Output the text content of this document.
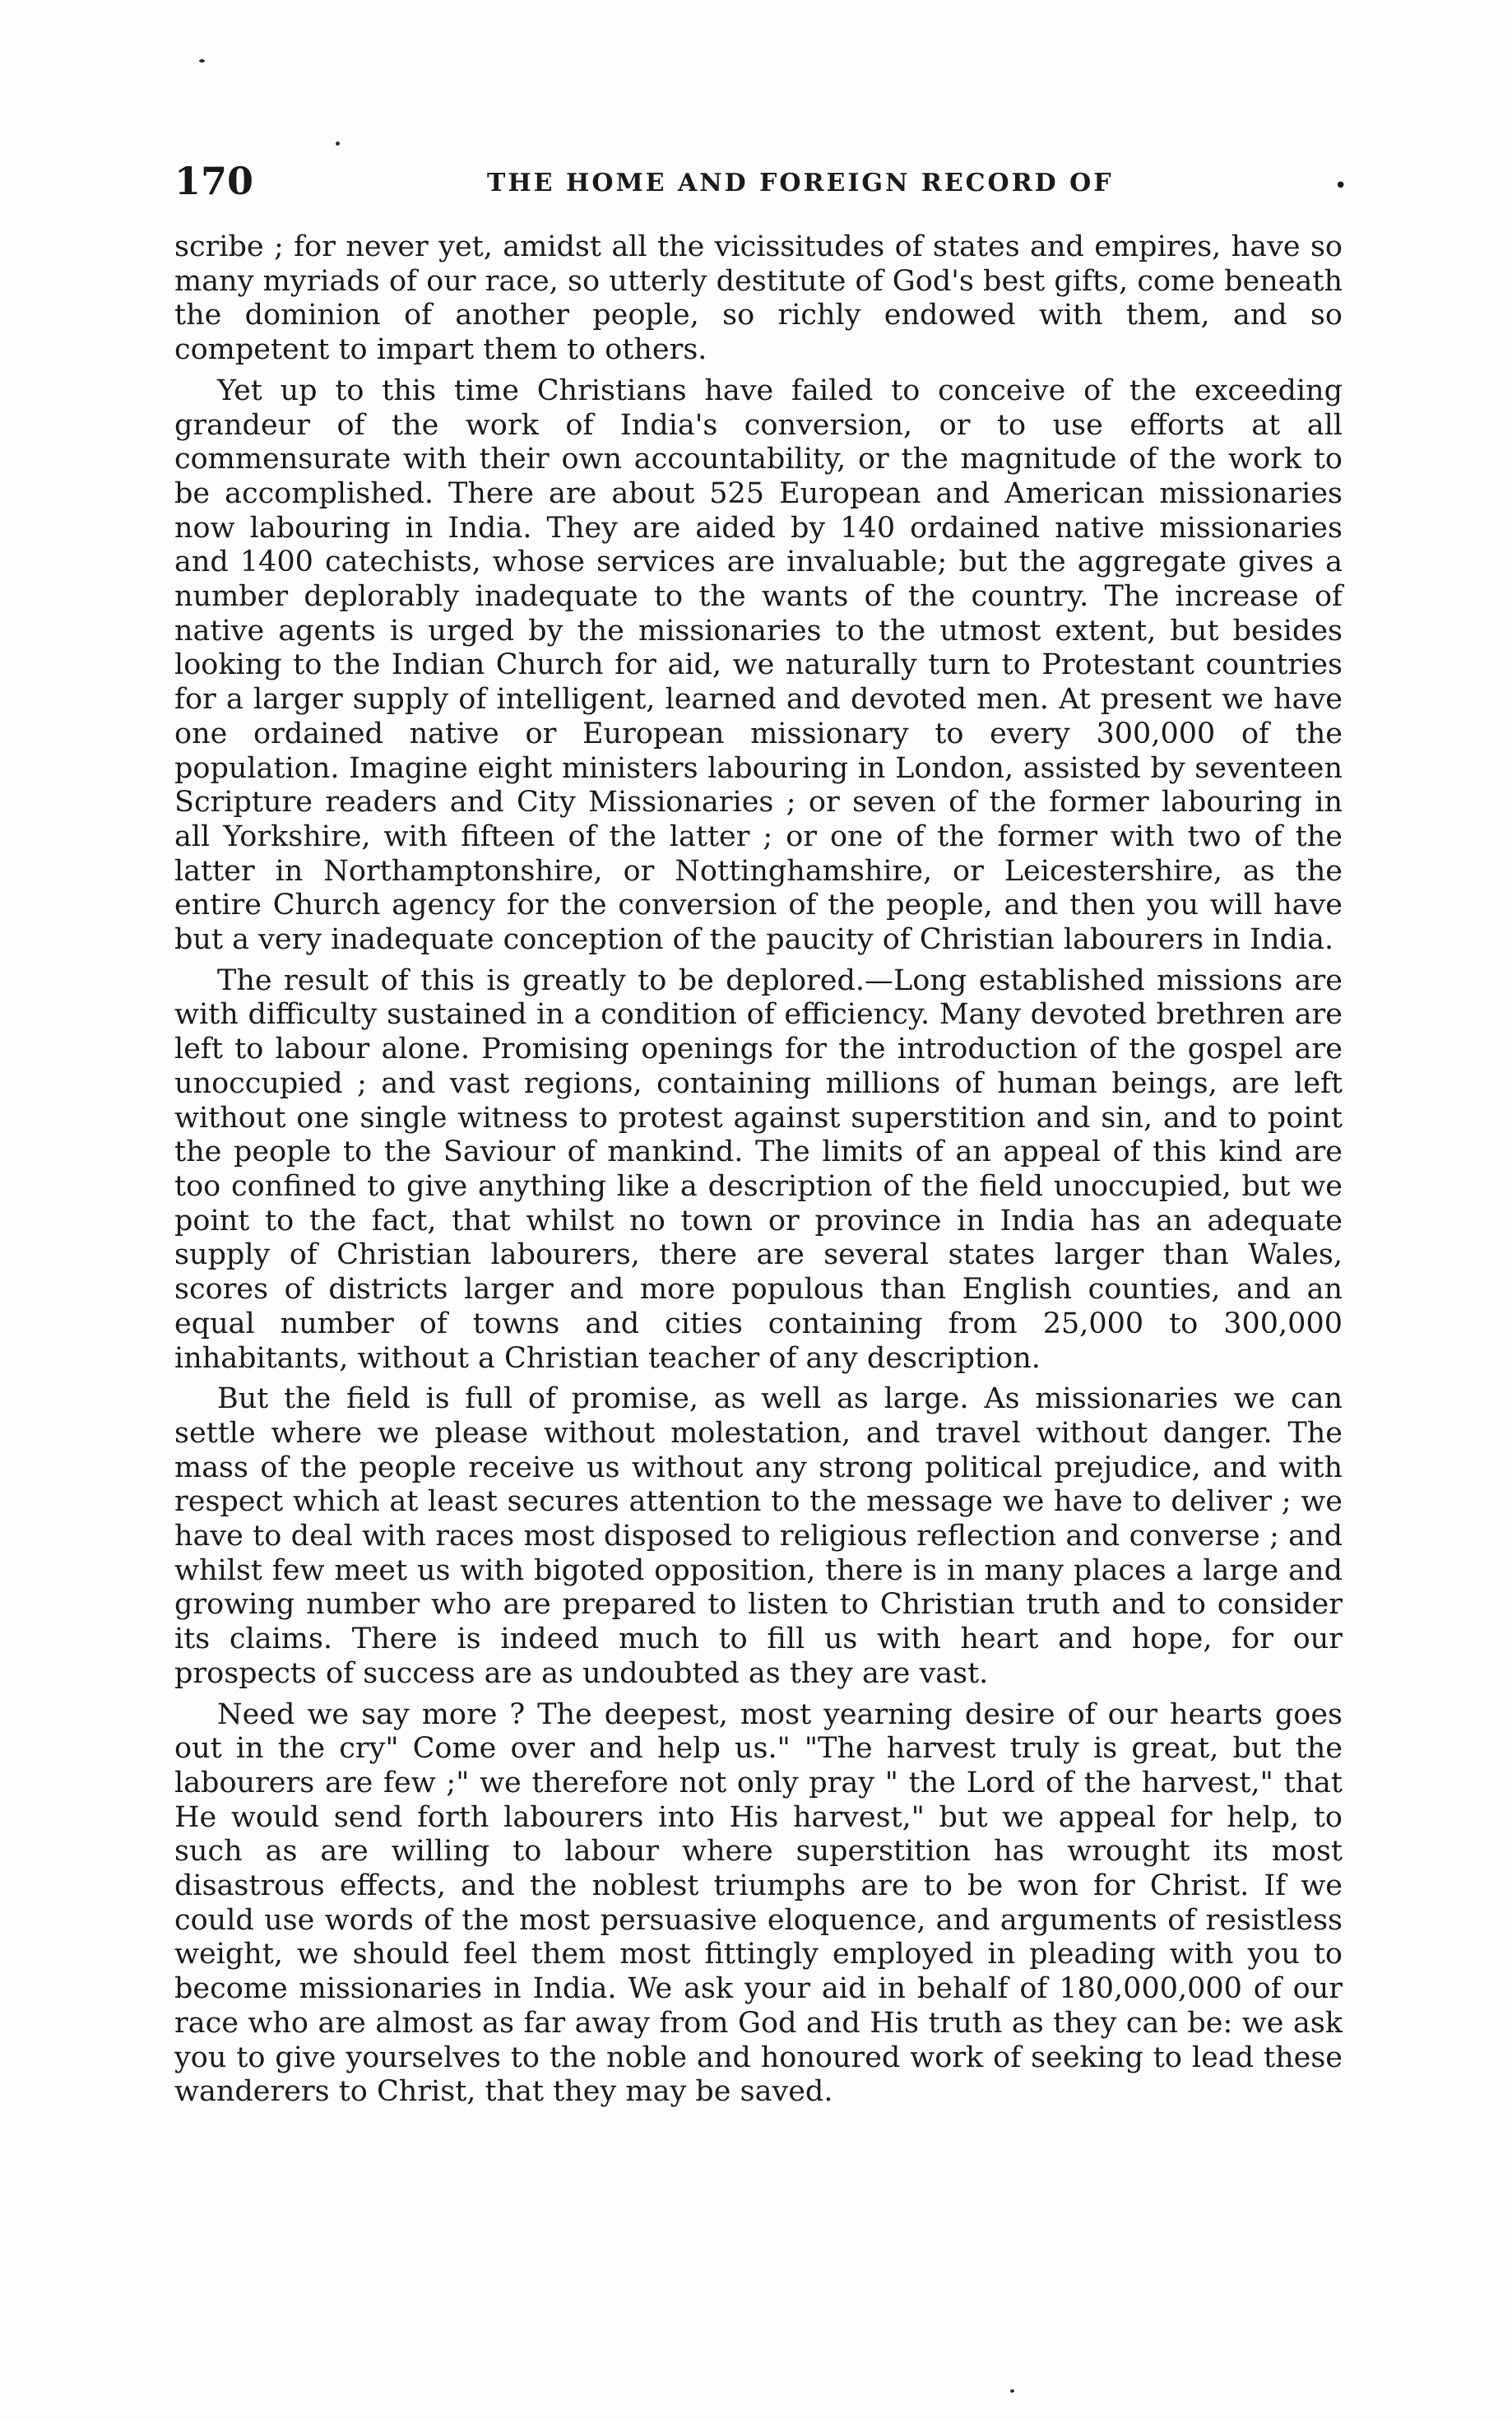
170	THE HOME AND FOREIGN RECORD OF	•

scribe ; for never yet, amidst all the vicissitudes of states and empires, have so many myriads of our race, so utterly destitute of God's best gifts, come beneath the dominion of another people, so richly endowed with them, and so competent to impart them to others.

Yet up to this time Christians have failed to conceive of the exceeding grandeur of the work of India's conversion, or to use efforts at all commensurate with their own accountability, or the magnitude of the work to be accomplished. There are about 525 European and American missionaries now labouring in India. They are aided by 140 ordained native missionaries and 1400 catechists, whose services are invaluable; but the aggregate gives a number deplorably inadequate to the wants of the country. The increase of native agents is urged by the missionaries to the utmost extent, but besides looking to the Indian Church for aid, we naturally turn to Protestant countries for a larger supply of intelligent, learned and devoted men. At present we have one ordained native or European missionary to every 300,000 of the population. Imagine eight ministers labouring in London, assisted by seventeen Scripture readers and City Missionaries ; or seven of the former labouring in all Yorkshire, with fifteen of the latter ; or one of the former with two of the latter in Northamptonshire, or Nottinghamshire, or Leicestershire, as the entire Church agency for the conversion of the people, and then you will have but a very inadequate conception of the paucity of Christian labourers in India.

The result of this is greatly to be deplored.—Long established missions are with difficulty sustained in a condition of efficiency. Many devoted brethren are left to labour alone. Promising openings for the introduction of the gospel are unoccupied ; and vast regions, containing millions of human beings, are left without one single witness to protest against superstition and sin, and to point the people to the Saviour of mankind. The limits of an appeal of this kind are too confined to give anything like a description of the field unoccupied, but we point to the fact, that whilst no town or province in India has an adequate supply of Christian labourers, there are several states larger than Wales, scores of districts larger and more populous than English counties, and an equal number of towns and cities containing from 25,000 to 300,000 inhabitants, without a Christian teacher of any description.

But the field is full of promise, as well as large. As missionaries we can settle where we please without molestation, and travel without danger. The mass of the people receive us without any strong political prejudice, and with respect which at least secures attention to the message we have to deliver ; we have to deal with races most disposed to religious reflection and converse ; and whilst few meet us with bigoted opposition, there is in many places a large and growing number who are prepared to listen to Christian truth and to consider its claims. There is indeed much to fill us with heart and hope, for our prospects of success are as undoubted as they are vast.

Need we say more ? The deepest, most yearning desire of our hearts goes out in the cry" Come over and help us." "The harvest truly is great, but the labourers are few ;" we therefore not only pray " the Lord of the harvest," that He would send forth labourers into His harvest," but we appeal for help, to such as are willing to labour where superstition has wrought its most disastrous effects, and the noblest triumphs are to be won for Christ. If we could use words of the most persuasive eloquence, and arguments of resistless weight, we should feel them most fittingly employed in pleading with you to become missionaries in India. We ask your aid in behalf of 180,000,000 of our race who are almost as far away from God and His truth as they can be: we ask you to give yourselves to the noble and honoured work of seeking to lead these wanderers to Christ, that they may be saved.
